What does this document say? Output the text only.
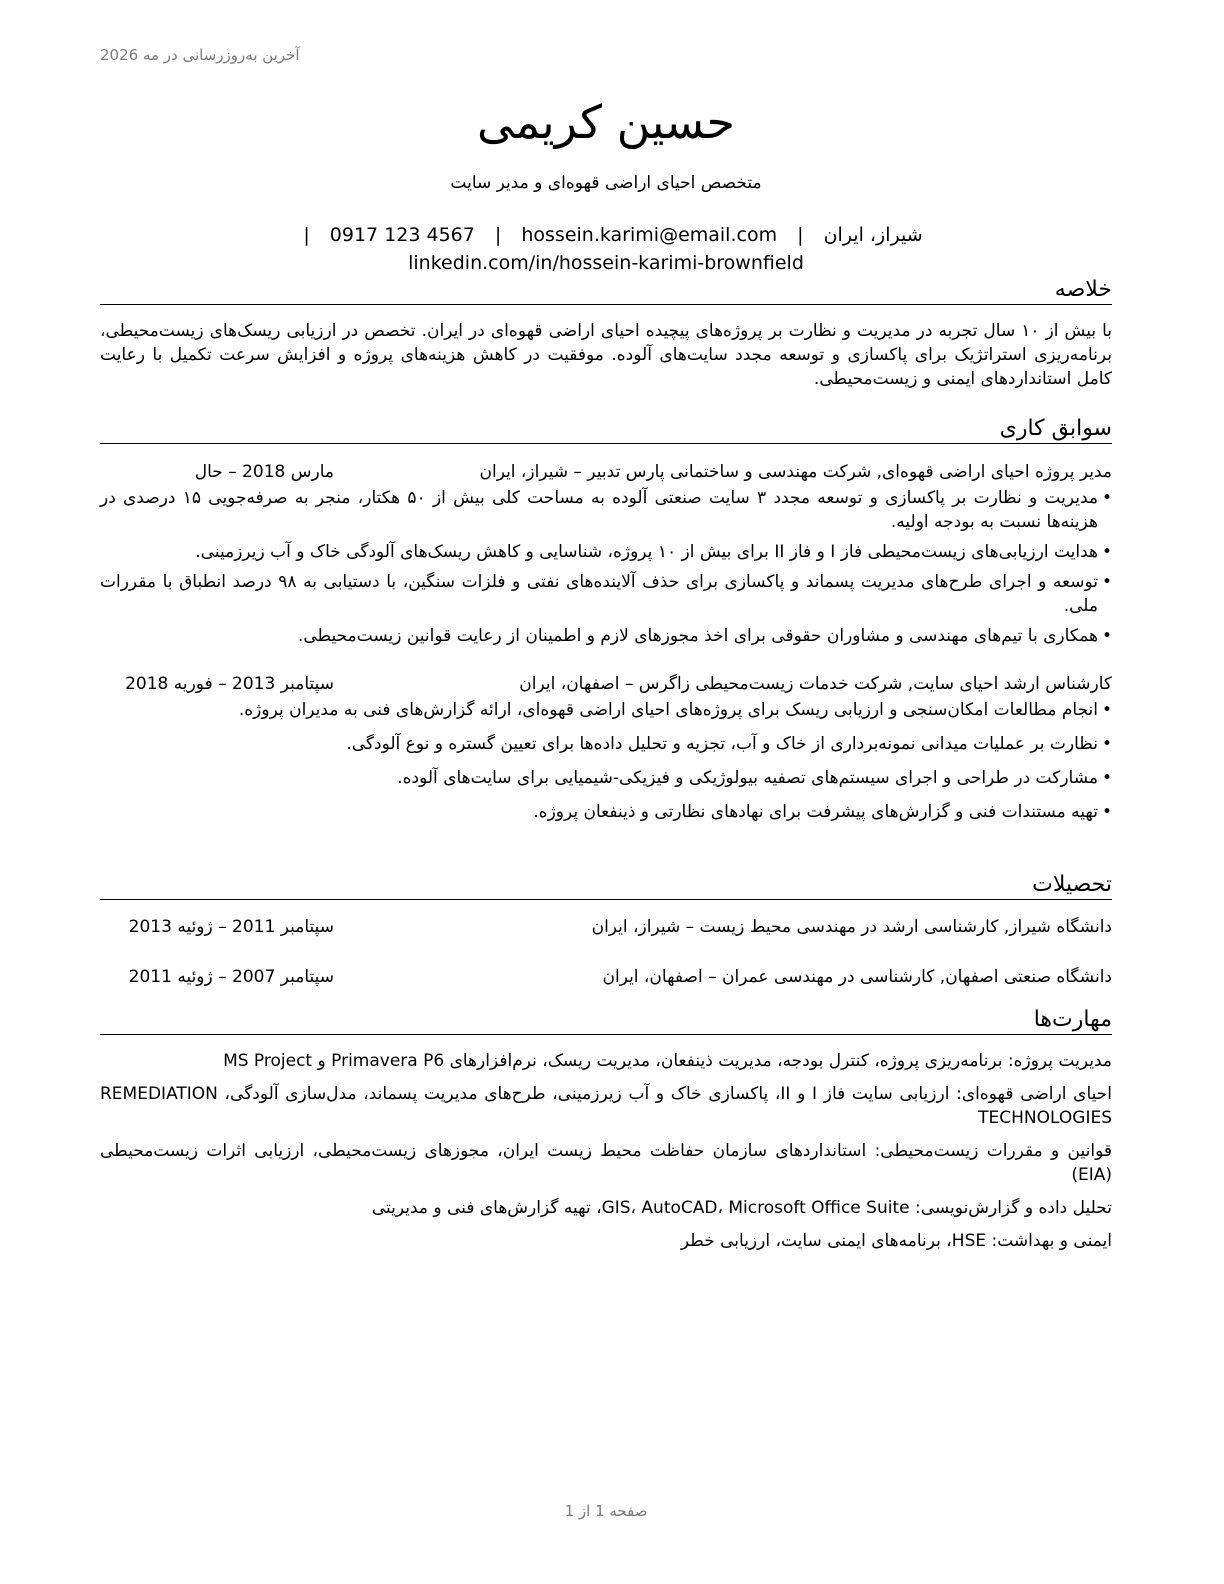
آخرین به‌روزرسانی در مه 2026
حسین کریمی
متخصص احیای اراضی قهوه‌ای و مدیر سایت
شیراز، ایران | hossein.karimi@email.com | 0917 123 4567 | linkedin.com/in/hossein-karimi-brownfield
خلاصه
با بیش از ۱۰ سال تجربه در مدیریت و نظارت بر پروژه‌های پیچیده احیای اراضی قهوه‌ای در ایران. تخصص در ارزیابی ریسک‌های زیست‌محیطی، برنامه‌ریزی استراتژیک برای پاکسازی و توسعه مجدد سایت‌های آلوده. موفقیت در کاهش هزینه‌های پروژه و افزایش سرعت تکمیل با رعایت کامل استانداردهای ایمنی و زیست‌محیطی.
سوابق کاری
مدیر پروژه احیای اراضی قهوه‌ای, شرکت مهندسی و ساختمانی پارس تدبیر – شیراز، ایران
مارس 2018 – حال
• مدیریت و نظارت بر پاکسازی و توسعه مجدد ۳ سایت صنعتی آلوده به مساحت کلی بیش از ۵۰ هکتار، منجر به صرفه‌جویی ۱۵ درصدی در هزینه‌ها نسبت به بودجه اولیه.
• هدایت ارزیابی‌های زیست‌محیطی فاز I و فاز II برای بیش از ۱۰ پروژه، شناسایی و کاهش ریسک‌های آلودگی خاک و آب زیرزمینی.
• توسعه و اجرای طرح‌های مدیریت پسماند و پاکسازی برای حذف آلاینده‌های نفتی و فلزات سنگین، با دستیابی به ۹۸ درصد انطباق با مقررات ملی.
• همکاری با تیم‌های مهندسی و مشاوران حقوقی برای اخذ مجوزهای لازم و اطمینان از رعایت قوانین زیست‌محیطی.
کارشناس ارشد احیای سایت, شرکت خدمات زیست‌محیطی زاگرس – اصفهان، ایران
سپتامبر 2013 – فوریه 2018
• انجام مطالعات امکان‌سنجی و ارزیابی ریسک برای پروژه‌های احیای اراضی قهوه‌ای، ارائه گزارش‌های فنی به مدیران پروژه.
• نظارت بر عملیات میدانی نمونه‌برداری از خاک و آب، تجزیه و تحلیل داده‌ها برای تعیین گستره و نوع آلودگی.
• مشارکت در طراحی و اجرای سیستم‌های تصفیه بیولوژیکی و فیزیکی-شیمیایی برای سایت‌های آلوده.
• تهیه مستندات فنی و گزارش‌های پیشرفت برای نهادهای نظارتی و ذینفعان پروژه.
تحصیلات
دانشگاه شیراز, کارشناسی ارشد در مهندسی محیط زیست – شیراز، ایران
سپتامبر 2011 – ژوئیه 2013
دانشگاه صنعتی اصفهان, کارشناسی در مهندسی عمران – اصفهان، ایران
سپتامبر 2007 – ژوئیه 2011
مهارت‌ها

مدیریت پروژه: برنامه‌ریزی پروژه، کنترل بودجه، مدیریت ذینفعان، مدیریت ریسک، نرم‌افزارهای Primavera P6 و MS Project

احیای اراضی قهوه‌ای: ارزیابی سایت فاز I و II، پاکسازی خاک و آب زیرزمینی، طرح‌های مدیریت پسماند، مدل‌سازی آلودگی، REMEDIATION TECHNOLOGIES

قوانین و مقررات زیست‌محیطی: استانداردهای سازمان حفاظت محیط زیست ایران، مجوزهای زیست‌محیطی، ارزیابی اثرات زیست‌محیطی (EIA)

تحلیل داده و گزارش‌نویسی: GIS، AutoCAD، Microsoft Office Suite، تهیه گزارش‌های فنی و مدیریتی

ایمنی و بهداشت: HSE، برنامه‌های ایمنی سایت، ارزیابی خطر

صفحه 1 از 1
